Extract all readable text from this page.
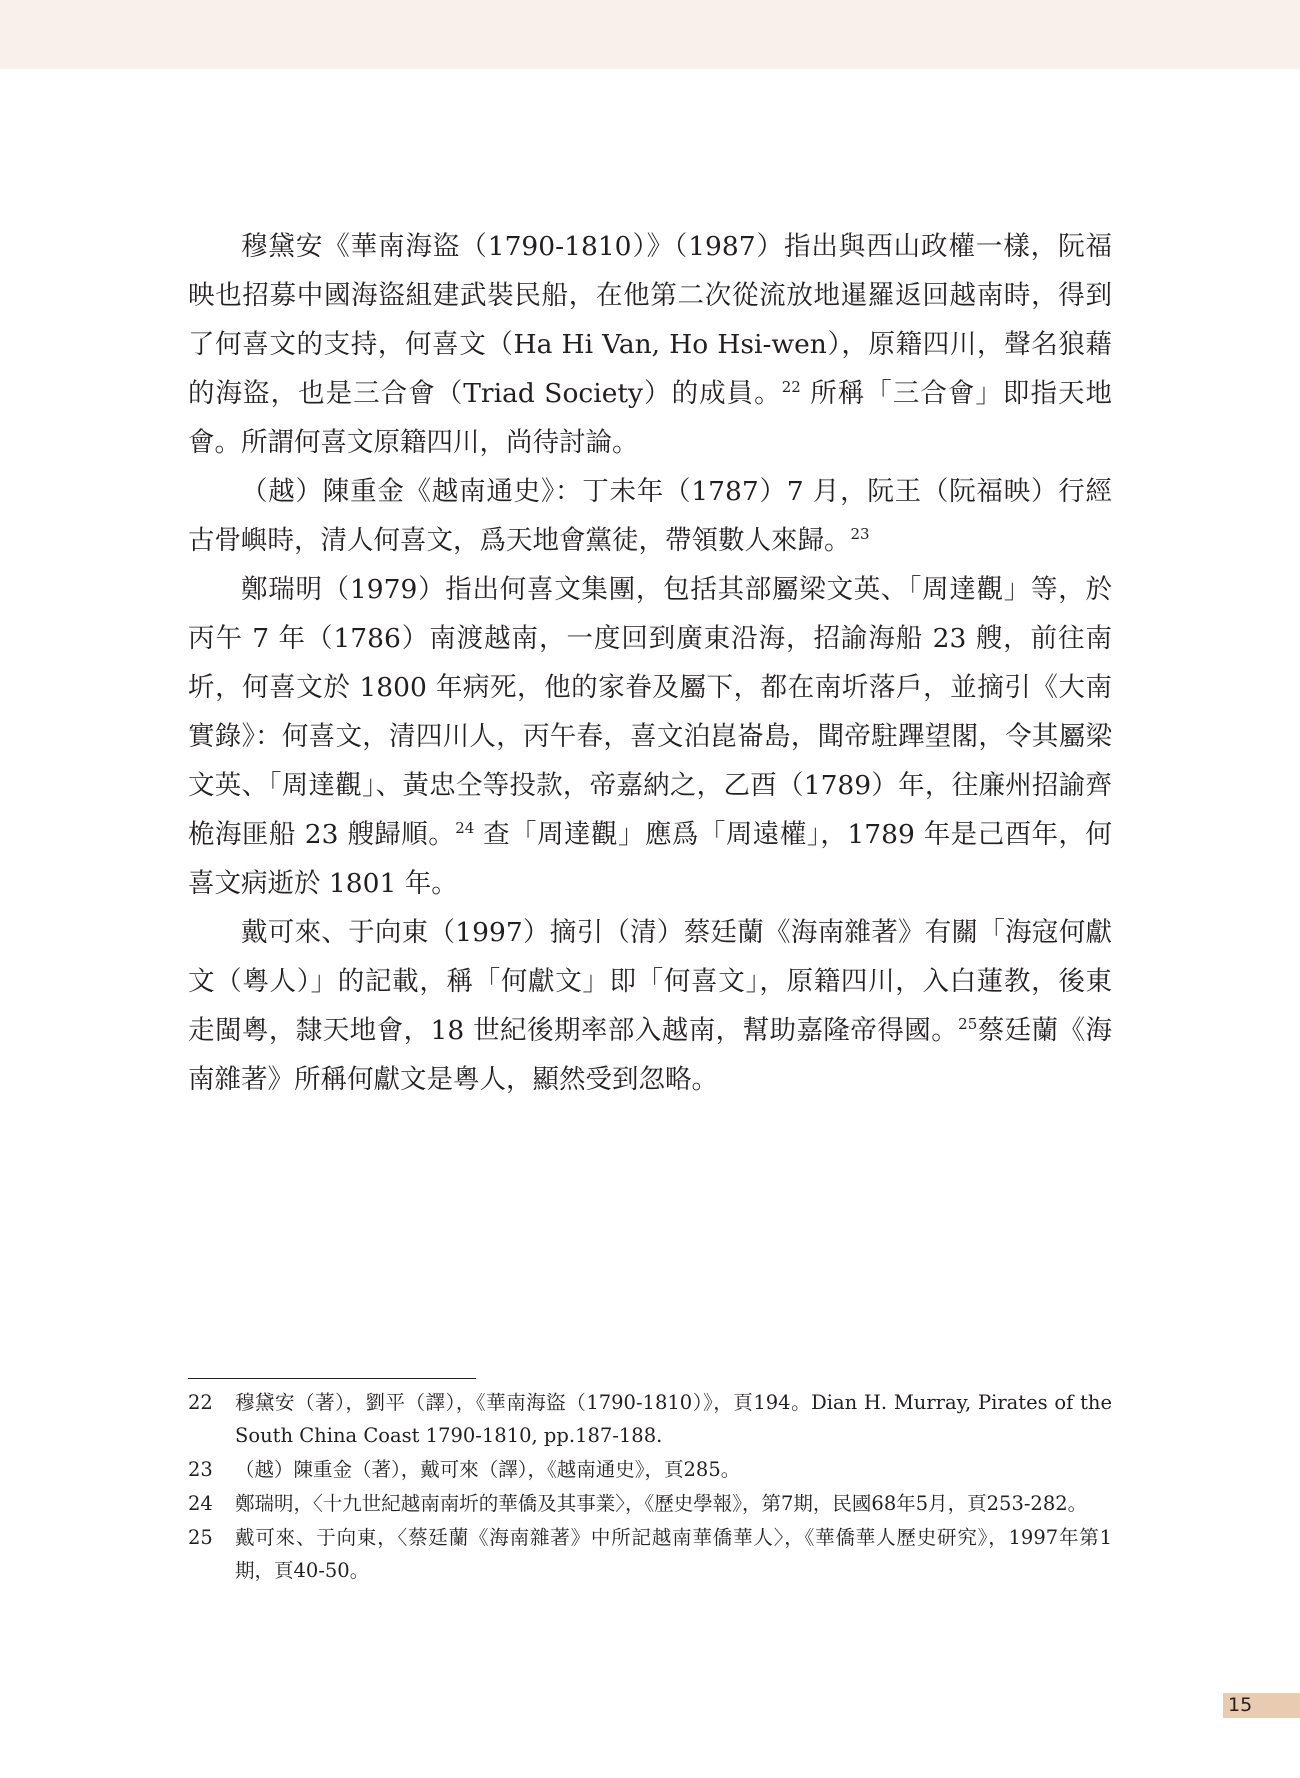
穆黛安《華南海盜（1790-1810）》（1987）指出與西山政權一樣，阮福映也招募中國海盜組建武裝民船，在他第二次從流放地暹羅返回越南時，得到了何喜文的支持，何喜文（Ha Hi Van, Ho Hsi-wen），原籍四川，聲名狼藉的海盜，也是三合會（Triad Society）的成員。$^{22}$ 所稱「三合會」即指天地會。所謂何喜文原籍四川，尚待討論。

（越）陳重金《越南通史》：丁未年（1787）7 月，阮王（阮福映）行經古骨嶼時，清人何喜文，爲天地會黨徒，帶領數人來歸。$^{23}$

鄭瑞明（1979）指出何喜文集團，包括其部屬梁文英、「周達觀」等，於丙午 7 年（1786）南渡越南，一度回到廣東沿海，招諭海船 23 艘，前往南圻，何喜文於 1800 年病死，他的家眷及屬下，都在南圻落戶，並摘引《大南實錄》：何喜文，清四川人，丙午春，喜文泊崑崙島，聞帝駐蹕望閣，令其屬梁文英、「周達觀」、黃忠仝等投款，帝嘉納之，乙酉（1789）年，往廉州招諭齊桅海匪船 23 艘歸順。$^{24}$ 查「周達觀」應爲「周遠權」，1789 年是己酉年，何喜文病逝於 1801 年。

戴可來、于向東（1997）摘引（清）蔡廷蘭《海南雜著》有關「海寇何獻文（粵人）」的記載，稱「何獻文」即「何喜文」，原籍四川，入白蓮教，後東走閩粵，隸天地會，18 世紀後期率部入越南，幫助嘉隆帝得國。$^{25}$蔡廷蘭《海南雜著》所稱何獻文是粵人，顯然受到忽略。

22	穆黛安（著），劉平（譯），《華南海盜（1790-1810）》，頁194。Dian H. Murray, Pirates of the South China Coast 1790-1810, pp.187-188.
23	（越）陳重金（著），戴可來（譯），《越南通史》，頁285。
24	鄭瑞明，〈十九世紀越南南圻的華僑及其事業〉，《歷史學報》，第7期，民國68年5月，頁253-282。
25	戴可來、于向東，〈蔡廷蘭《海南雜著》中所記越南華僑華人〉，《華僑華人歷史研究》，1997年第1期，頁40-50。
15
